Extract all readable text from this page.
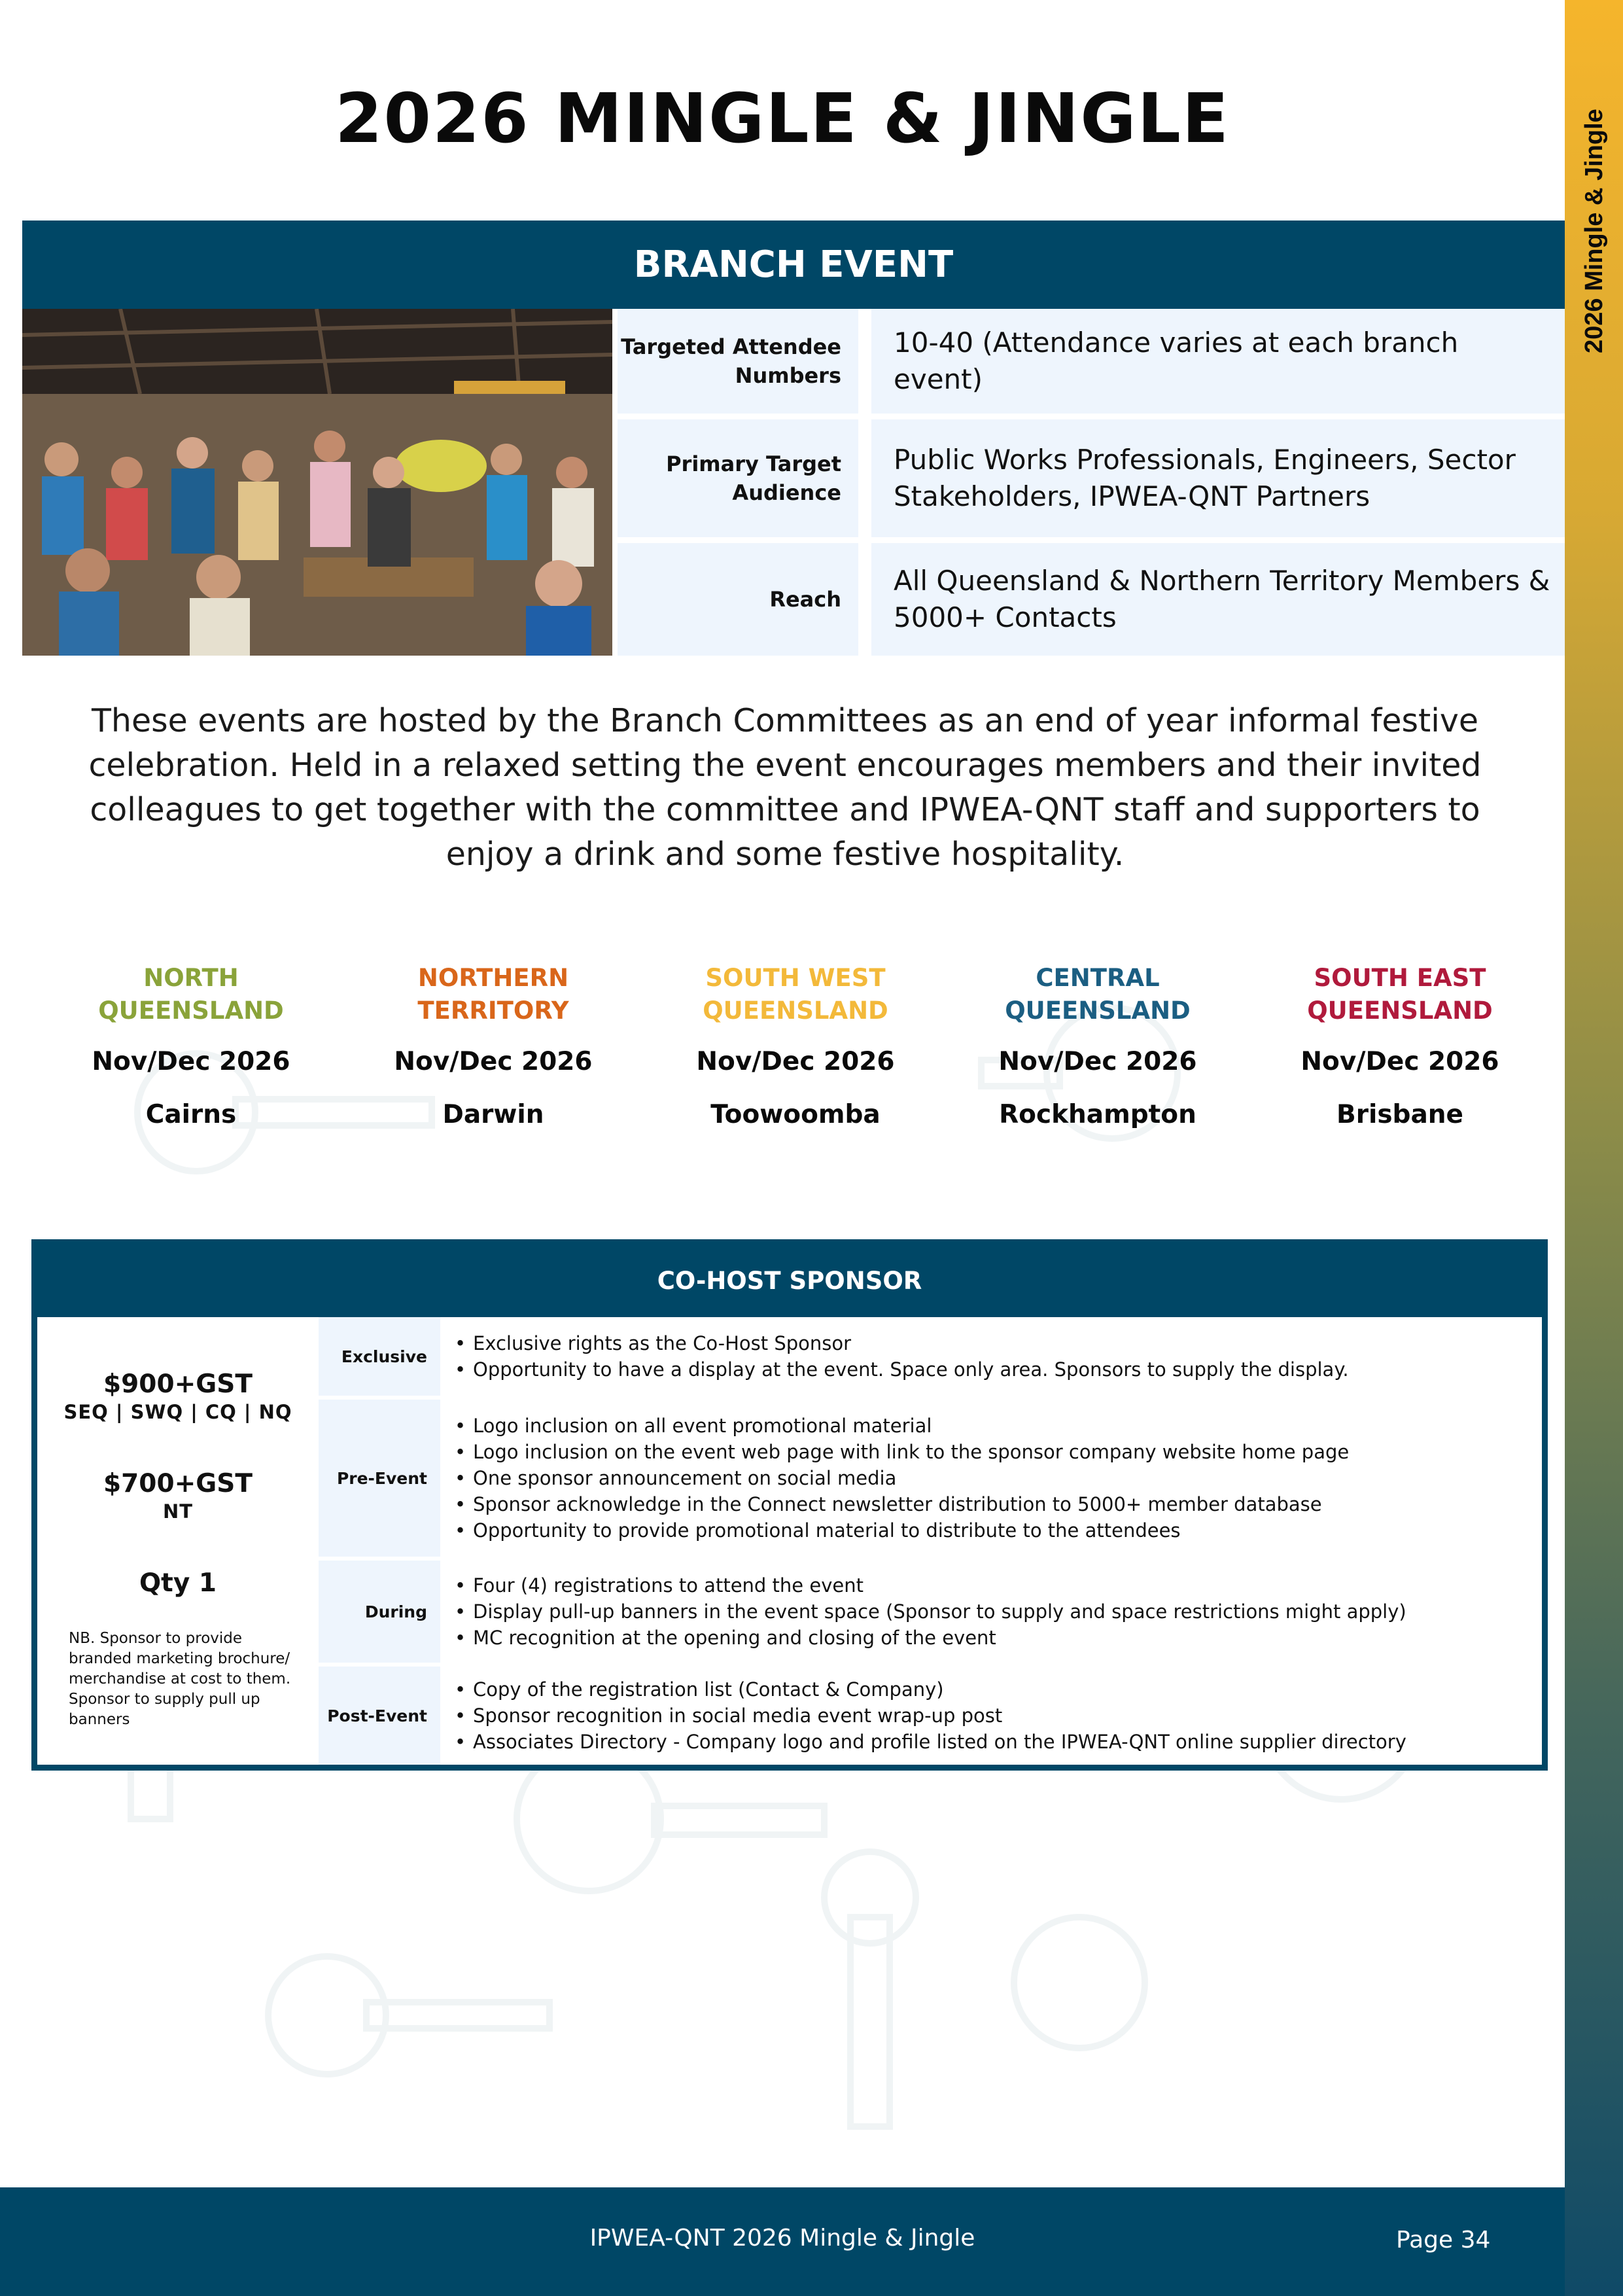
2026 Mingle & Jingle
2026 MINGLE & JINGLE
BRANCH EVENT
Targeted Attendee Numbers
10-40 (Attendance varies at each branch event)
Primary Target Audience
Public Works Professionals, Engineers, Sector Stakeholders, IPWEA-QNT Partners
Reach
All Queensland & Northern Territory Members & 5000+ Contacts
These events are hosted by the Branch Committees as an end of year informal festive celebration. Held in a relaxed setting the event encourages members and their invited colleagues to get together with the committee and IPWEA-QNT staff and supporters to enjoy a drink and some festive hospitality.
NORTH QUEENSLAND
Nov/Dec 2026
Cairns
NORTHERN TERRITORY
Nov/Dec 2026
Darwin
SOUTH WEST QUEENSLAND
Nov/Dec 2026
Toowoomba
CENTRAL QUEENSLAND
Nov/Dec 2026
Rockhampton
SOUTH EAST QUEENSLAND
Nov/Dec 2026
Brisbane
CO-HOST SPONSOR
$900+GST
SEQ | SWQ | CQ | NQ
$700+GST
NT
Qty 1
NB. Sponsor to provide branded marketing brochure/ merchandise at cost to them. Sponsor to supply pull up banners
Exclusive
• Exclusive rights as the Co-Host Sponsor
• Opportunity to have a display at the event. Space only area. Sponsors to supply the display.
Pre-Event
• Logo inclusion on all event promotional material
• Logo inclusion on the event web page with link to the sponsor company website home page
• One sponsor announcement on social media
• Sponsor acknowledge in the Connect newsletter distribution to 5000+ member database
• Opportunity to provide promotional material to distribute to the attendees
During
• Four (4) registrations to attend the event
• Display pull-up banners in the event space (Sponsor to supply and space restrictions might apply)
• MC recognition at the opening and closing of the event
Post-Event
• Copy of the registration list (Contact & Company)
• Sponsor recognition in social media event wrap-up post
• Associates Directory - Company logo and profile listed on the IPWEA-QNT online supplier directory
IPWEA-QNT 2026 Mingle & Jingle	Page 34
